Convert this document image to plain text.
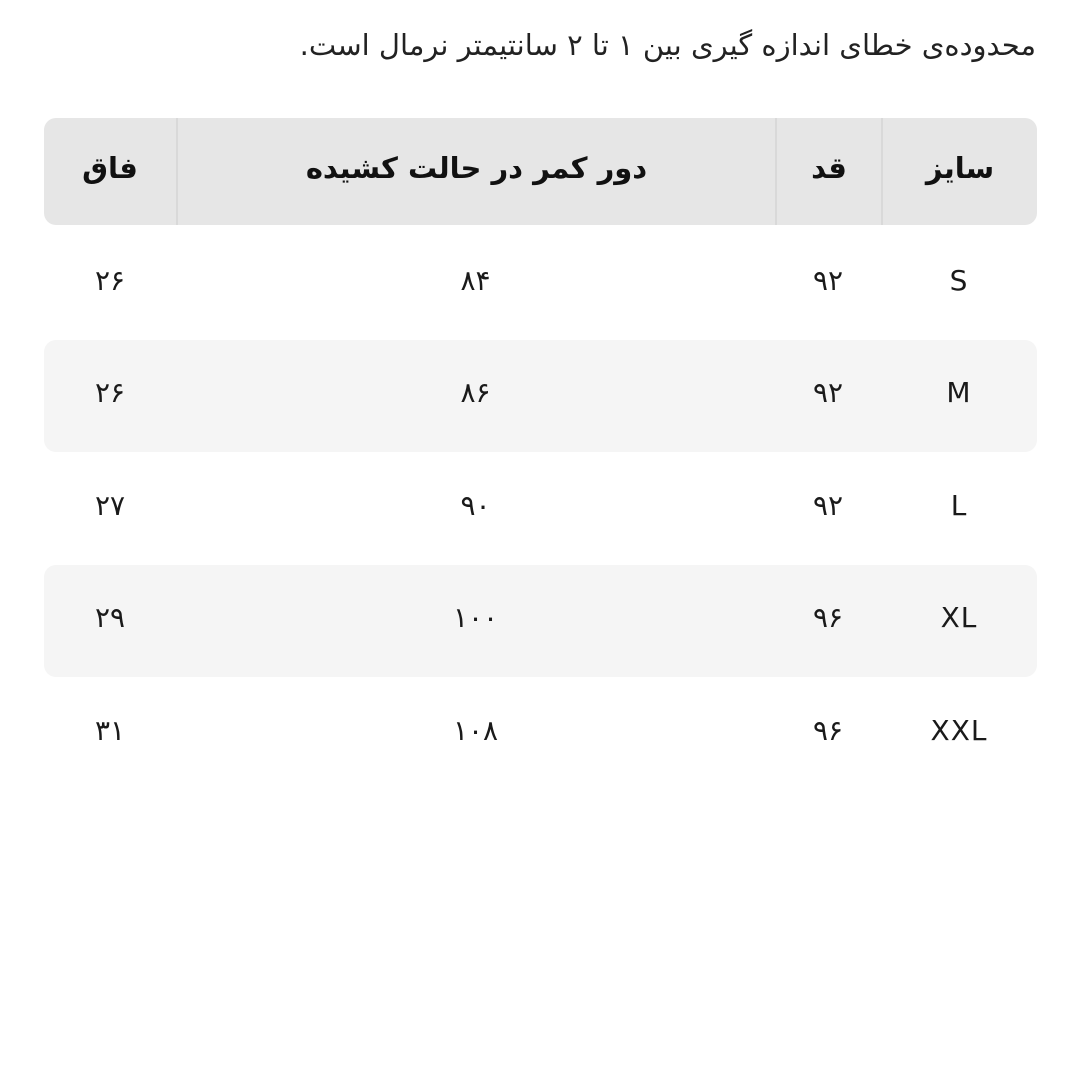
محدوده‌ی خطای اندازه گیری بین ۱ تا ۲ سانتیمتر نرمال است.
سایز
قد
دور کمر در حالت کشیده
فاق
S
۹۲
۸۴
۲۶
M
۹۲
۸۶
۲۶
L
۹۲
۹۰
۲۷
XL
۹۶
۱۰۰
۲۹
XXL
۹۶
۱۰۸
۳۱
